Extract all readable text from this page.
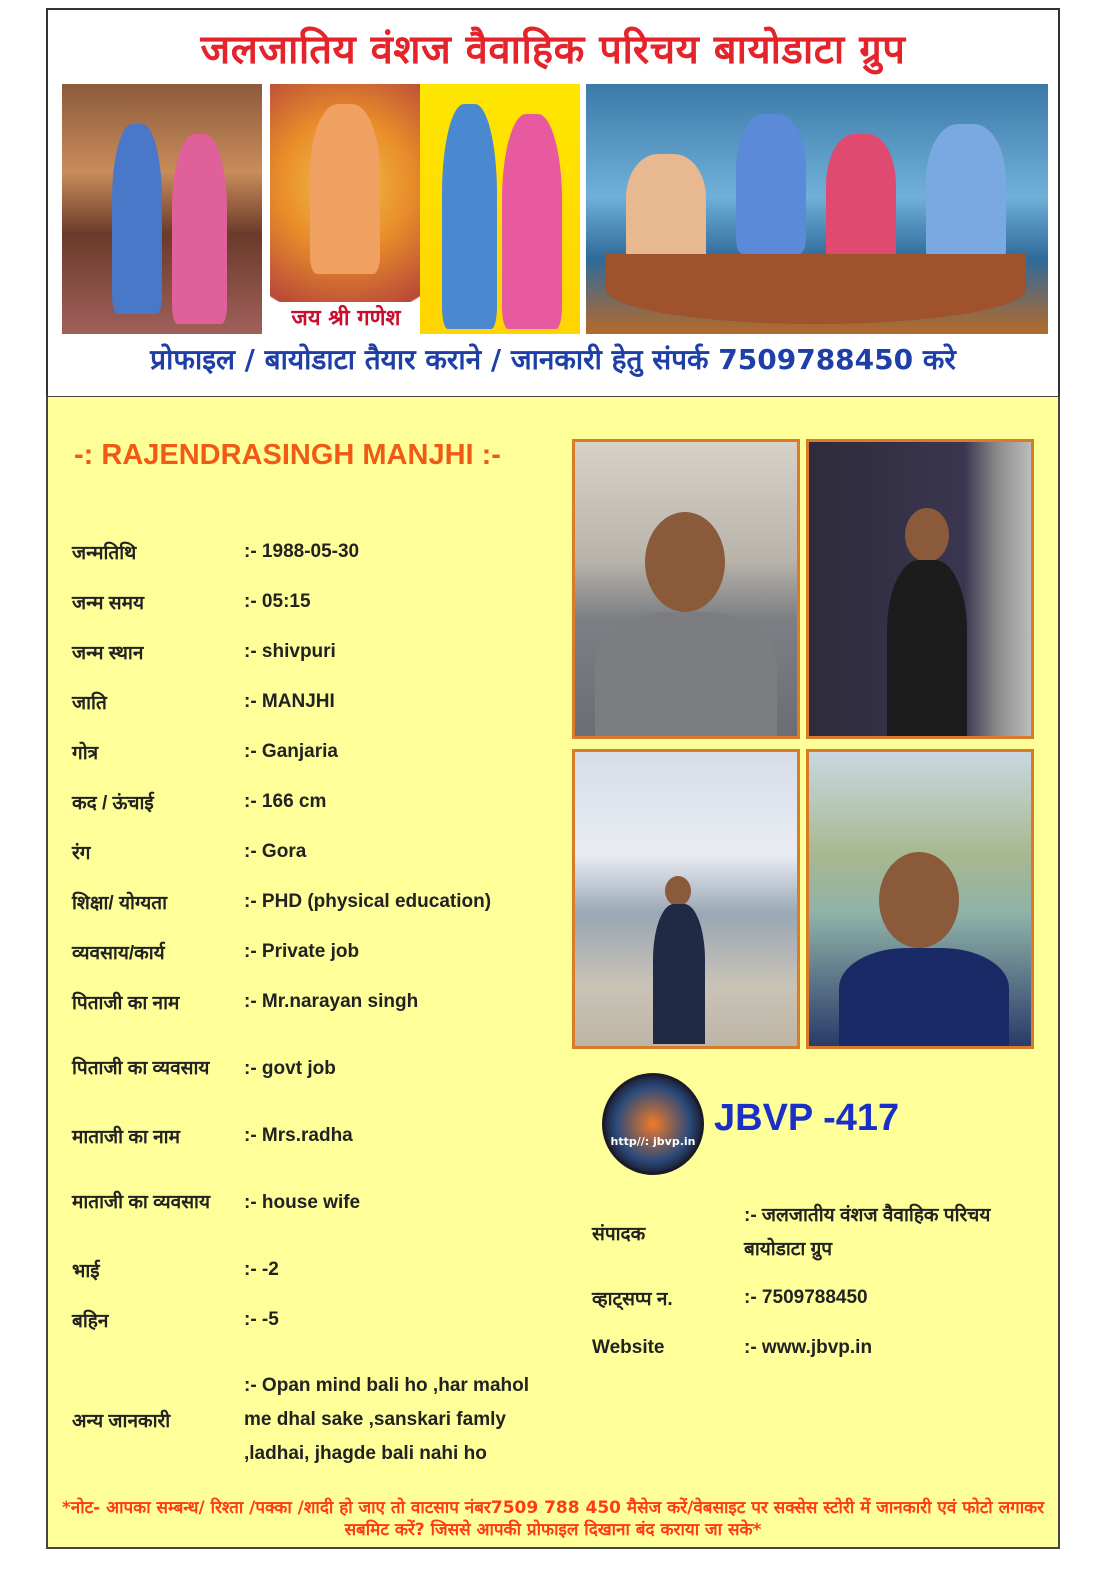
जलजातिय वंशज वैवाहिक परिचय बायोडाटा ग्रुप
जय श्री गणेश
प्रोफाइल / बायोडाटा तैयार कराने / जानकारी हेतु संपर्क 7509788450 करे
-: RAJENDRASINGH MANJHI :-
जन्मतिथि	:- 1988-05-30
जन्म समय	:- 05:15
जन्म स्थान	:- shivpuri
जाति	:- MANJHI
गोत्र	:- Ganjaria
कद / ऊंचाई	:- 166 cm
रंग	:- Gora
शिक्षा/ योग्यता	:- PHD (physical education)
व्यवसाय/कार्य	:- Private job
पिताजी का नाम	:- Mr.narayan singh
पिताजी का व्यवसाय	:- govt job
माताजी का नाम	:- Mrs.radha
माताजी का व्यवसाय	:- house wife
भाई	:- -2
बहिन	:- -5
अन्य जानकारी	:- Opan mind bali ho ,har mahol me dhal sake ,sanskari famly ,ladhai, jhagde bali nahi ho
http//: jbvp.in
JBVP -417
संपादक	:- जलजातीय वंशज वैवाहिक परिचय बायोडाटा ग्रुप
व्हाट्सप्प न.	:- 7509788450
Website	:- www.jbvp.in
*नोट- आपका सम्बन्ध/ रिश्ता /पक्का /शादी हो जाए तो वाटसाप नंबर7509 788 450 मैसेज करें/वेबसाइट पर सक्सेस स्टोरी में जानकारी एवं फोटो लगाकर सबमिट करें? जिससे आपकी प्रोफाइल दिखाना बंद कराया जा सके*
